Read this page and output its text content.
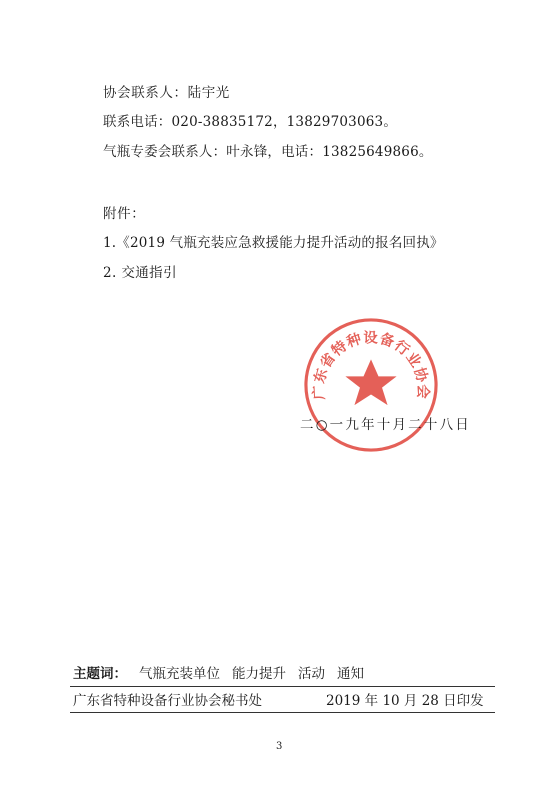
协会联系人：陆宇光
联系电话：020-38835172，13829703063。
气瓶专委会联系人：叶永锋，电话：13825649866。
附件：
1.《2019 气瓶充装应急救援能力提升活动的报名回执》
2. 交通指引
广东省特种设备行业协会
二○一九年十月二十八日
主题词： 气瓶充装单位 能力提升 活动 通知
广东省特种设备行业协会秘书处	2019 年 10 月 28 日印发
3
